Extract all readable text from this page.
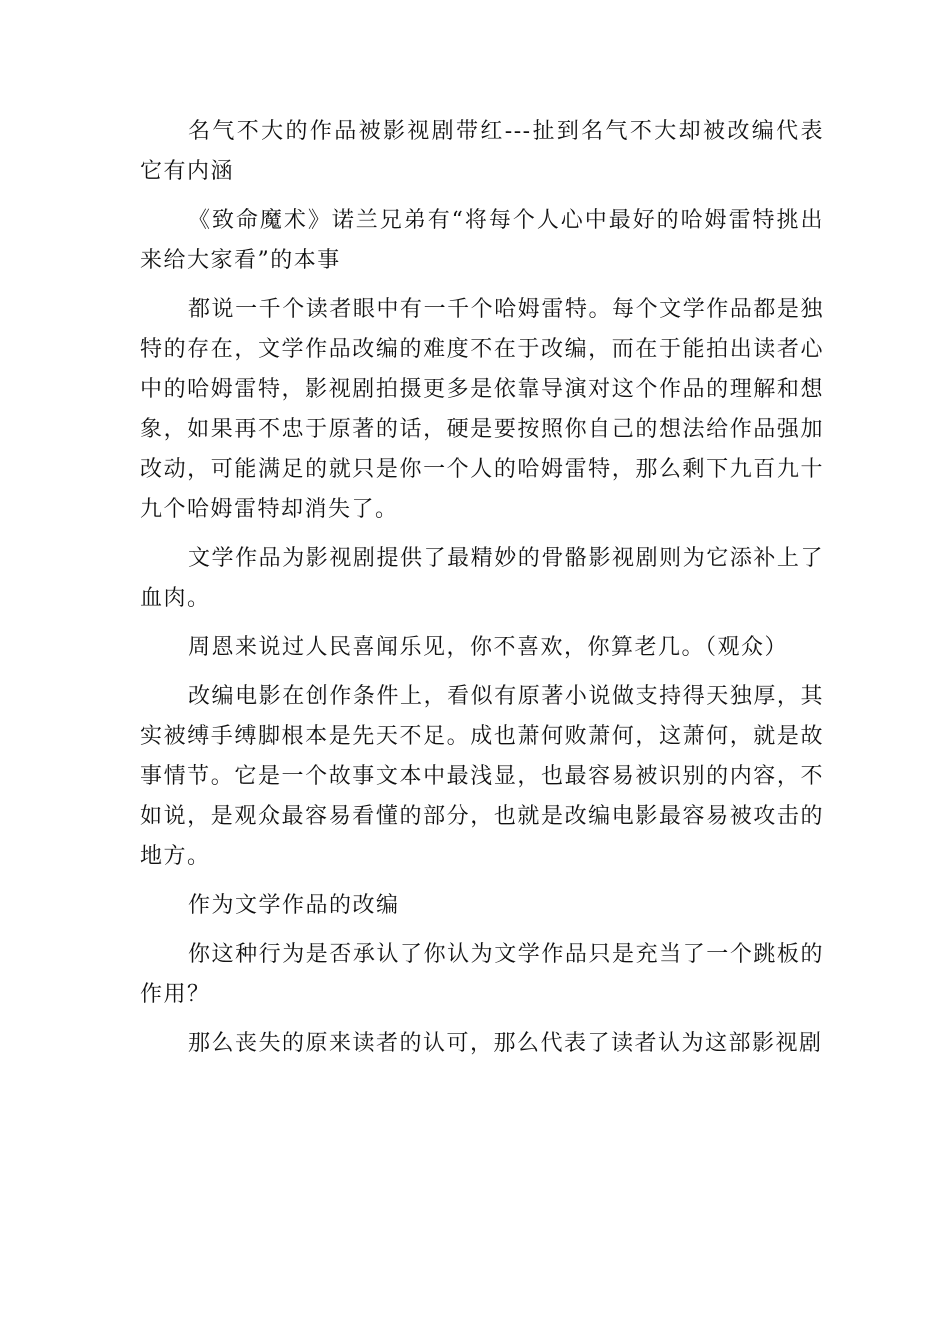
名气不大的作品被影视剧带红---扯到名气不大却被改编代表它有内涵

《致命魔术》诺兰兄弟有“将每个人心中最好的哈姆雷特挑出来给大家看”的本事

都说一千个读者眼中有一千个哈姆雷特。每个文学作品都是独特的存在，文学作品改编的难度不在于改编，而在于能拍出读者心中的哈姆雷特，影视剧拍摄更多是依靠导演对这个作品的理解和想象，如果再不忠于原著的话，硬是要按照你自己的想法给作品强加改动，可能满足的就只是你一个人的哈姆雷特，那么剩下九百九十九个哈姆雷特却消失了。

文学作品为影视剧提供了最精妙的骨骼影视剧则为它添补上了血肉。

周恩来说过人民喜闻乐见，你不喜欢，你算老几。（观众）

改编电影在创作条件上，看似有原著小说做支持得天独厚，其实被缚手缚脚根本是先天不足。成也萧何败萧何，这萧何，就是故事情节。它是一个故事文本中最浅显，也最容易被识别的内容，不如说，是观众最容易看懂的部分，也就是改编电影最容易被攻击的地方。

作为文学作品的改编

你这种行为是否承认了你认为文学作品只是充当了一个跳板的作用？

那么丧失的原来读者的认可，那么代表了读者认为这部影视剧
